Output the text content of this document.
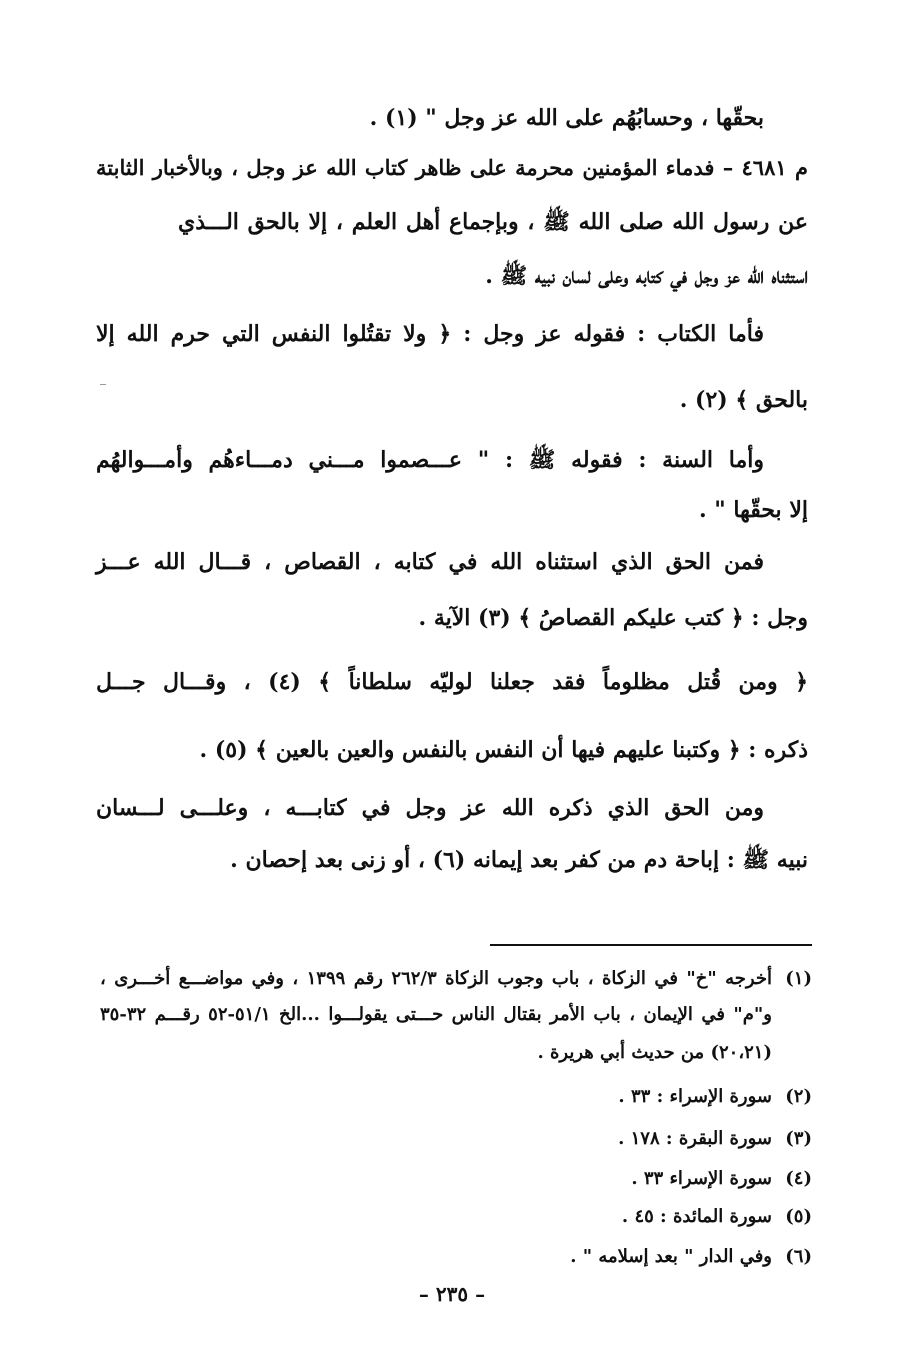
بحقّها ، وحسابُهُم على الله عز وجل " (١) .
م ٤٦٨١ – فدماء المؤمنين محرمة على ظاهر كتاب الله عز وجل ، وبالأخبار الثابتة
عن رسول الله صلى الله ﷺ ، وبإجماع أهل العلم ، إلا بالحق الـــذي
استثناه الله عز وجل في كتابه وعلى لسان نبيه ﷺ .
فأما الكتاب : فقوله عز وجل : ﴿ ولا تقتُلوا النفس التي حرم الله إلا
بالحق ﴾ (٢) .
وأما السنة : فقوله ﷺ : " عـــصموا مـــني دمـــاءهُم وأمـــوالهُم
إلا بحقّها " .
فمن الحق الذي استثناه الله في كتابه ، القصاص ، قـــال الله عـــز
وجل : ﴿ كتب عليكم القصاصُ ﴾ (٣) الآية .
﴿ ومن قُتل مظلوماً فقد جعلنا لوليّه سلطاناً ﴾ (٤) ، وقـــال جـــل
ذكره : ﴿ وكتبنا عليهم فيها أن النفس بالنفس والعين بالعين ﴾ (٥) .
ومن الحق الذي ذكره الله عز وجل في كتابـــه ، وعلـــى لـــسان
نبيه ﷺ : إباحة دم من كفر بعد إيمانه (٦) ، أو زنى بعد إحصان .
(١)أخرجه "خ" في الزكاة ، باب وجوب الزكاة ٢٦٢/٣ رقم ١٣٩٩ ، وفي مواضـــع أخـــرى ،
و"م" في الإيمان ، باب الأمر بقتال الناس حـــتى يقولـــوا ...الخ ٥١/١-٥٢ رقـــم ٣٢-٣٥
(٢٠،٢١) من حديث أبي هريرة .
(٢)سورة الإسراء : ٣٣ .
(٣)سورة البقرة : ١٧٨ .
(٤)سورة الإسراء ٣٣ .
(٥)سورة المائدة : ٤٥ .
(٦)وفي الدار " بعد إسلامه " .
– ٢٣٥ –
